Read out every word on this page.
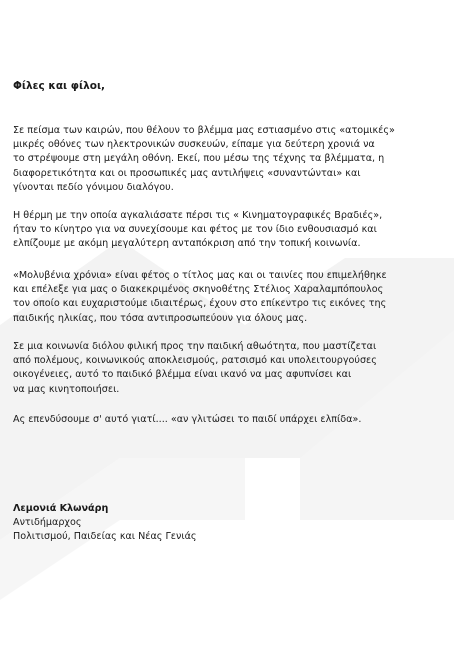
Φίλες και φίλοι,
Σε πείσμα των καιρών, που θέλουν το βλέμμα μας εστιασμένο στις «ατομικές»
μικρές οθόνες των ηλεκτρονικών συσκευών, είπαμε για δεύτερη χρονιά να
το στρέψουμε στη μεγάλη οθόνη. Εκεί, που μέσω της τέχνης τα βλέμματα, η
διαφορετικότητα και οι προσωπικές μας αντιλήψεις «συναντώνται» και
γίνονται πεδίο γόνιμου διαλόγου.
Η θέρμη με την οποία αγκαλιάσατε πέρσι τις « Κινηματογραφικές Βραδιές»,
ήταν το κίνητρο για να συνεχίσουμε και φέτος με τον ίδιο ενθουσιασμό και
ελπίζουμε με ακόμη μεγαλύτερη ανταπόκριση από την τοπική κοινωνία.
«Μολυβένια χρόνια» είναι φέτος ο τίτλος μας και οι ταινίες που επιμελήθηκε
και επέλεξε για μας ο διακεκριμένος σκηνοθέτης Στέλιος Χαραλαμπόπουλος
τον οποίο και ευχαριστούμε ιδιαιτέρως, έχουν στο επίκεντρο τις εικόνες της
παιδικής ηλικίας, που τόσα αντιπροσωπεύουν για όλους μας.
Σε μια κοινωνία διόλου φιλική προς την παιδική αθωότητα, που μαστίζεται
από πολέμους, κοινωνικούς αποκλεισμούς, ρατσισμό και υπολειτουργούσες
οικογένειες, αυτό το παιδικό βλέμμα είναι ικανό να μας αφυπνίσει και
να μας κινητοποιήσει.
Ας επενδύσουμε σ' αυτό γιατί.... «αν γλιτώσει το παιδί υπάρχει ελπίδα».
Λεμονιά Κλωνάρη
Αντιδήμαρχος
Πολιτισμού, Παιδείας και Νέας Γενιάς
